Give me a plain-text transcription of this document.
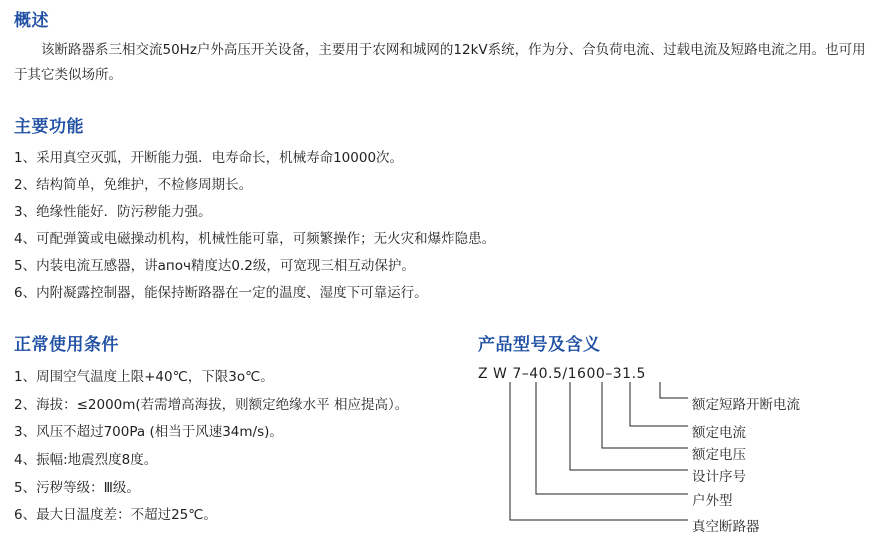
概述
该断路器系三相交流50Hz户外高压开关设备，主要用于农网和城网的12kV系统，作为分、合负荷电流、过载电流及短路电流之用。也可用于其它类似场所。
主要功能
1、采用真空灭弧，开断能力强．电寿命长，机械寿命10000次。
2、结构简单，免维护，不检修周期长。
3、绝缘性能好．防污秽能力强。
4、可配弹簧或电磁操动机构，机械性能可靠，可频繁操作；无火灾和爆炸隐患。
5、内装电流互感器，讲апоч精度达0.2级，可宽现三相互动保护。
6、内附凝露控制器，能保持断路器在一定的温度、湿度下可靠运行。
正常使用条件
1、周围空气温度上限+40℃，下限3o℃。
2、海拔：≤2000m(若需增高海拔，则额定绝缘水平 相应提高）。
3、风压不超过700Pa (相当于风速34m/s)。
4、振幅:地震烈度8度。
5、污秽等级：Ⅲ级。
6、最大日温度差：不超过25℃。
产品型号及含义
Z W 7–40.5/1600–31.5
额定短路开断电流
额定电流
额定电压
设计序号
户外型
真空断路器
